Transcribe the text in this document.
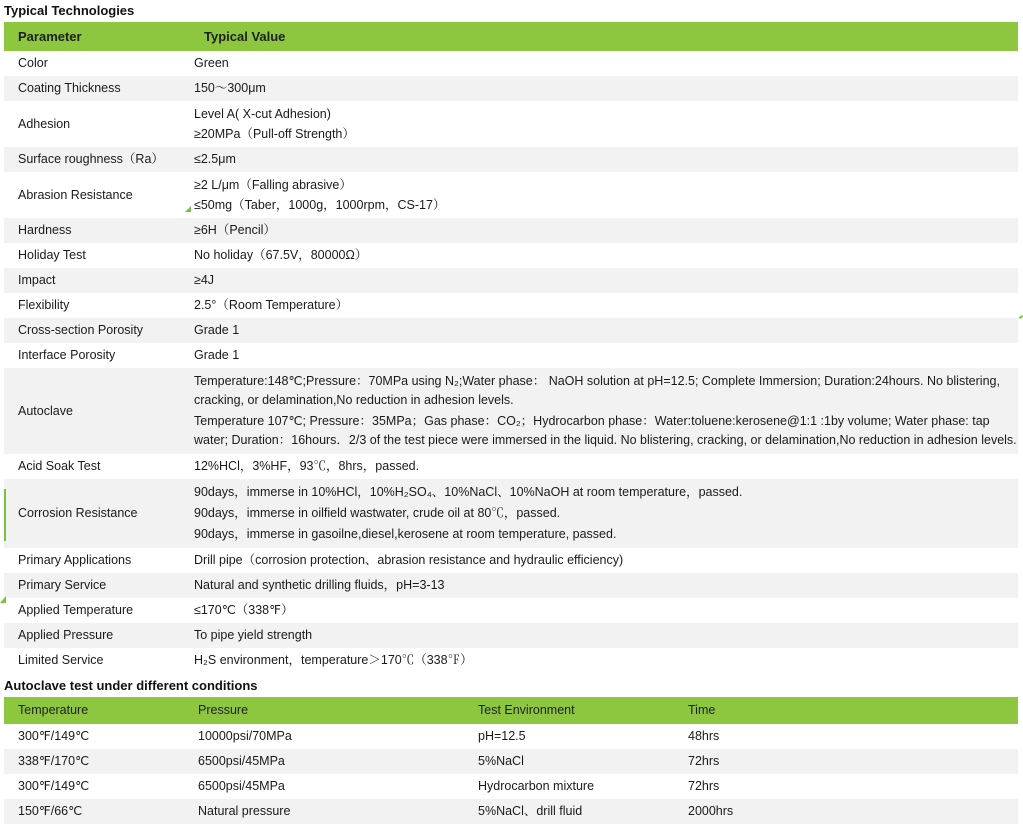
Typical Technologies
Parameter	Typical Value
Color	Green

Coating Thickness	150～300μm

Adhesion	Level A( X-cut Adhesion)
≥20MPa（Pull-off Strength）

Surface roughness（Ra）	≤2.5μm

Abrasion Resistance	≥2 L/μm（Falling abrasive）
≤50mg（Taber，1000g，1000rpm，CS-17）

Hardness	≥6H（Pencil）

Holiday Test	No holiday（67.5V，80000Ω）

Impact	≥4J

Flexibility	2.5°（Room Temperature）

Cross-section Porosity	Grade 1

Interface Porosity	Grade 1

Autoclave	Temperature:148℃;Pressure：70MPa using N₂;Water phase： NaOH solution at pH=12.5; Complete Immersion; Duration:24hours. No blistering, cracking, or delamination,No reduction in adhesion levels.
Temperature 107℃; Pressure：35MPa；Gas phase：CO₂；Hydrocarbon phase：Water:toluene:kerosene@1:1 :1by volume; Water phase: tap water; Duration：16hours．2/3 of the test piece were immersed in the liquid. No blistering, cracking, or delamination,No reduction in adhesion levels.

Acid Soak Test	12%HCl，3%HF，93℃，8hrs，passed.

Corrosion Resistance	90days，immerse in 10%HCl，10%H₂SO₄、10%NaCl、10%NaOH at room temperature，passed.
90days，immerse in oilfield wastwater, crude oil at 80℃，passed.
90days，immerse in gasoilne,diesel,kerosene at room temperature, passed.

Primary Applications	Drill pipe（corrosion protection、abrasion resistance and hydraulic efficiency)

Primary Service	Natural and synthetic drilling fluids，pH=3-13

Applied Temperature	≤170℃（338℉）

Applied Pressure	To pipe yield strength

Limited Service	H₂S environment，temperature＞170℃（338℉）
Autoclave test under different conditions
Temperature	Pressure	Test Environment	Time
300℉/149℃	10000psi/70MPa	pH=12.5	48hrs
338℉/170℃	6500psi/45MPa	5%NaCl	72hrs
300℉/149℃	6500psi/45MPa	Hydrocarbon mixture	72hrs
150℉/66℃	Natural pressure	5%NaCl、drill fluid	2000hrs
